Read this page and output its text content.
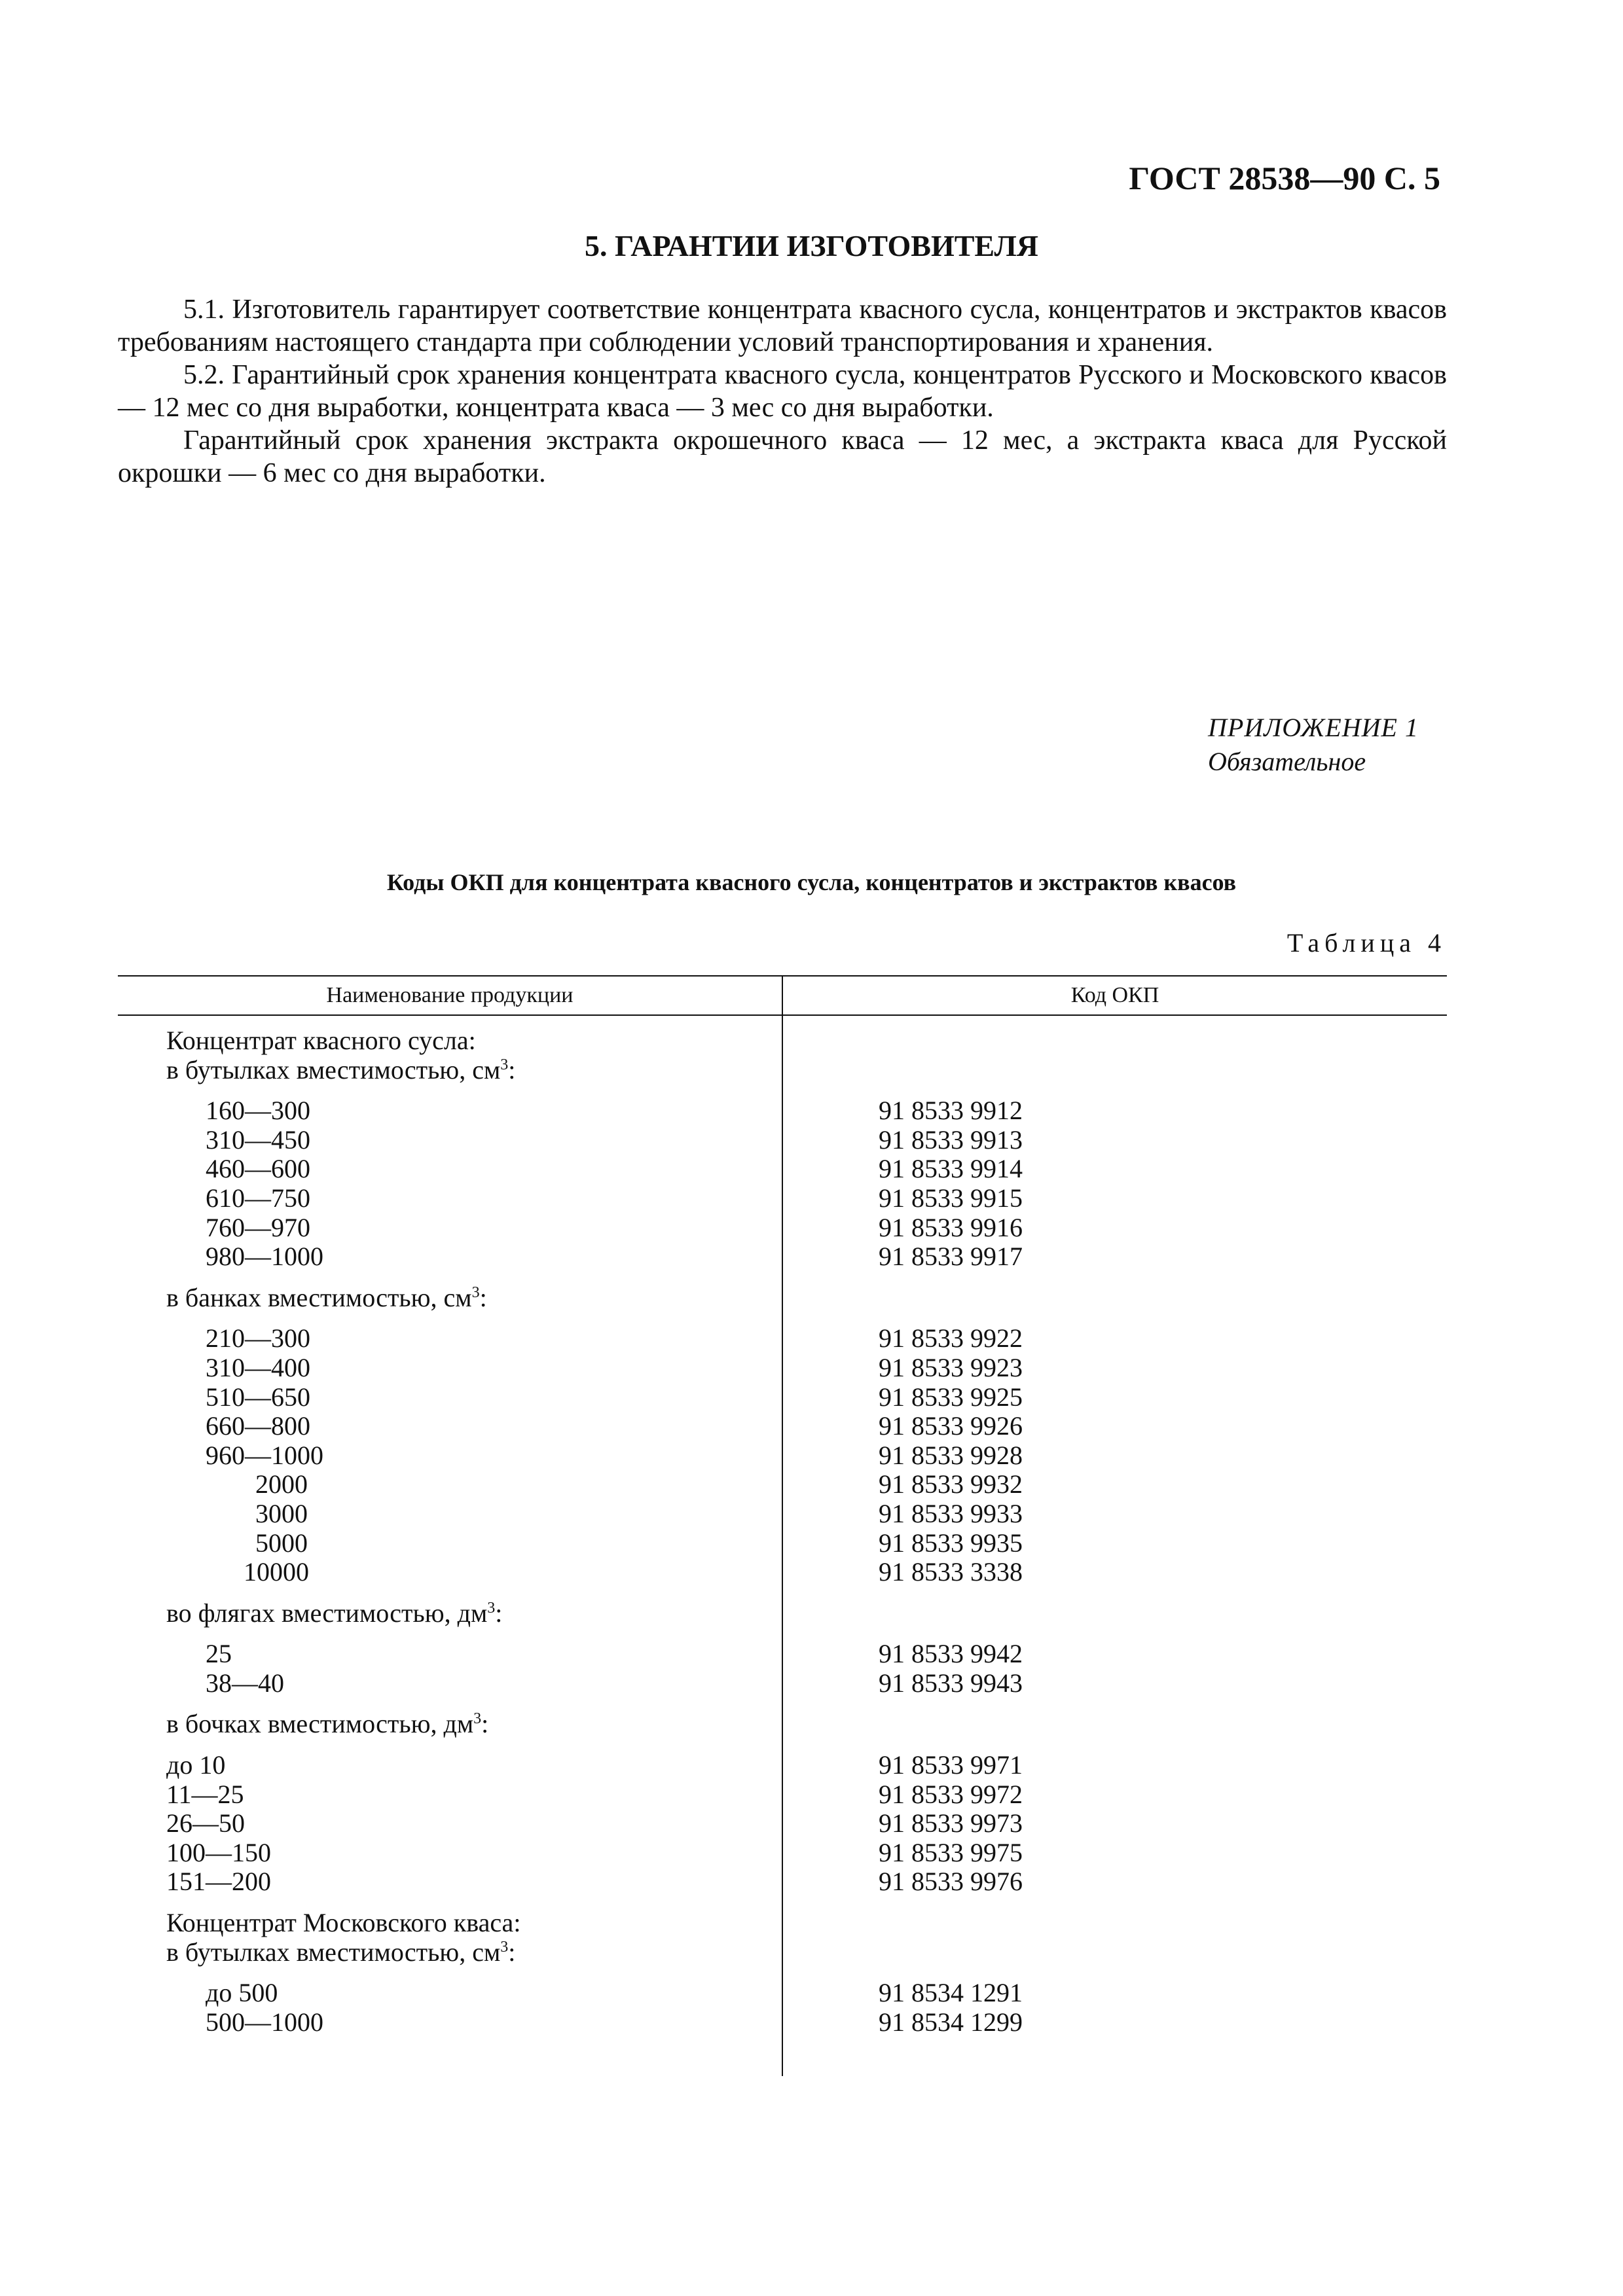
ГОСТ 28538—90 С. 5
5. ГАРАНТИИ ИЗГОТОВИТЕЛЯ

5.1. Изготовитель гарантирует соответствие концентрата квасного сусла, концентратов и экстрактов квасов требованиям настоящего стандарта при соблюдении условий транспортирования и хранения.

5.2. Гарантийный срок хранения концентрата квасного сусла, концентратов Русского и Московского квасов — 12 мес со дня выработки, концентрата кваса — 3 мес со дня выработки.

Гарантийный срок хранения экстракта окрошечного кваса — 12 мес, а экстракта кваса для Русской окрошки — 6 мес со дня выработки.

ПРИЛОЖЕНИЕ 1
Обязательное
Коды ОКП для концентрата квасного сусла, концентратов и экстрактов квасов
Таблица 4
Наименование продукции	Код ОКП
Концентрат квасного сусла:
в бутылках вместимостью, $см^3$:
160—300	91 8533 9912
310—450	91 8533 9913
460—600	91 8533 9914
610—750	91 8533 9915
760—970	91 8533 9916
980—1000	91 8533 9917
в банках вместимостью, $см^3$:
210—300	91 8533 9922
310—400	91 8533 9923
510—650	91 8533 9925
660—800	91 8533 9926
960—1000	91 8533 9928
2000	91 8533 9932
3000	91 8533 9933
5000	91 8533 9935
10000	91 8533 3338
во флягах вместимостью, $дм^3$:
25	91 8533 9942
38—40	91 8533 9943
в бочках вместимостью, $дм^3$:
до 10	91 8533 9971
11—25	91 8533 9972
26—50	91 8533 9973
100—150	91 8533 9975
151—200	91 8533 9976
Концентрат Московского кваса:
в бутылках вместимостью, $см^3$:
до 500	91 8534 1291
500—1000	91 8534 1299
